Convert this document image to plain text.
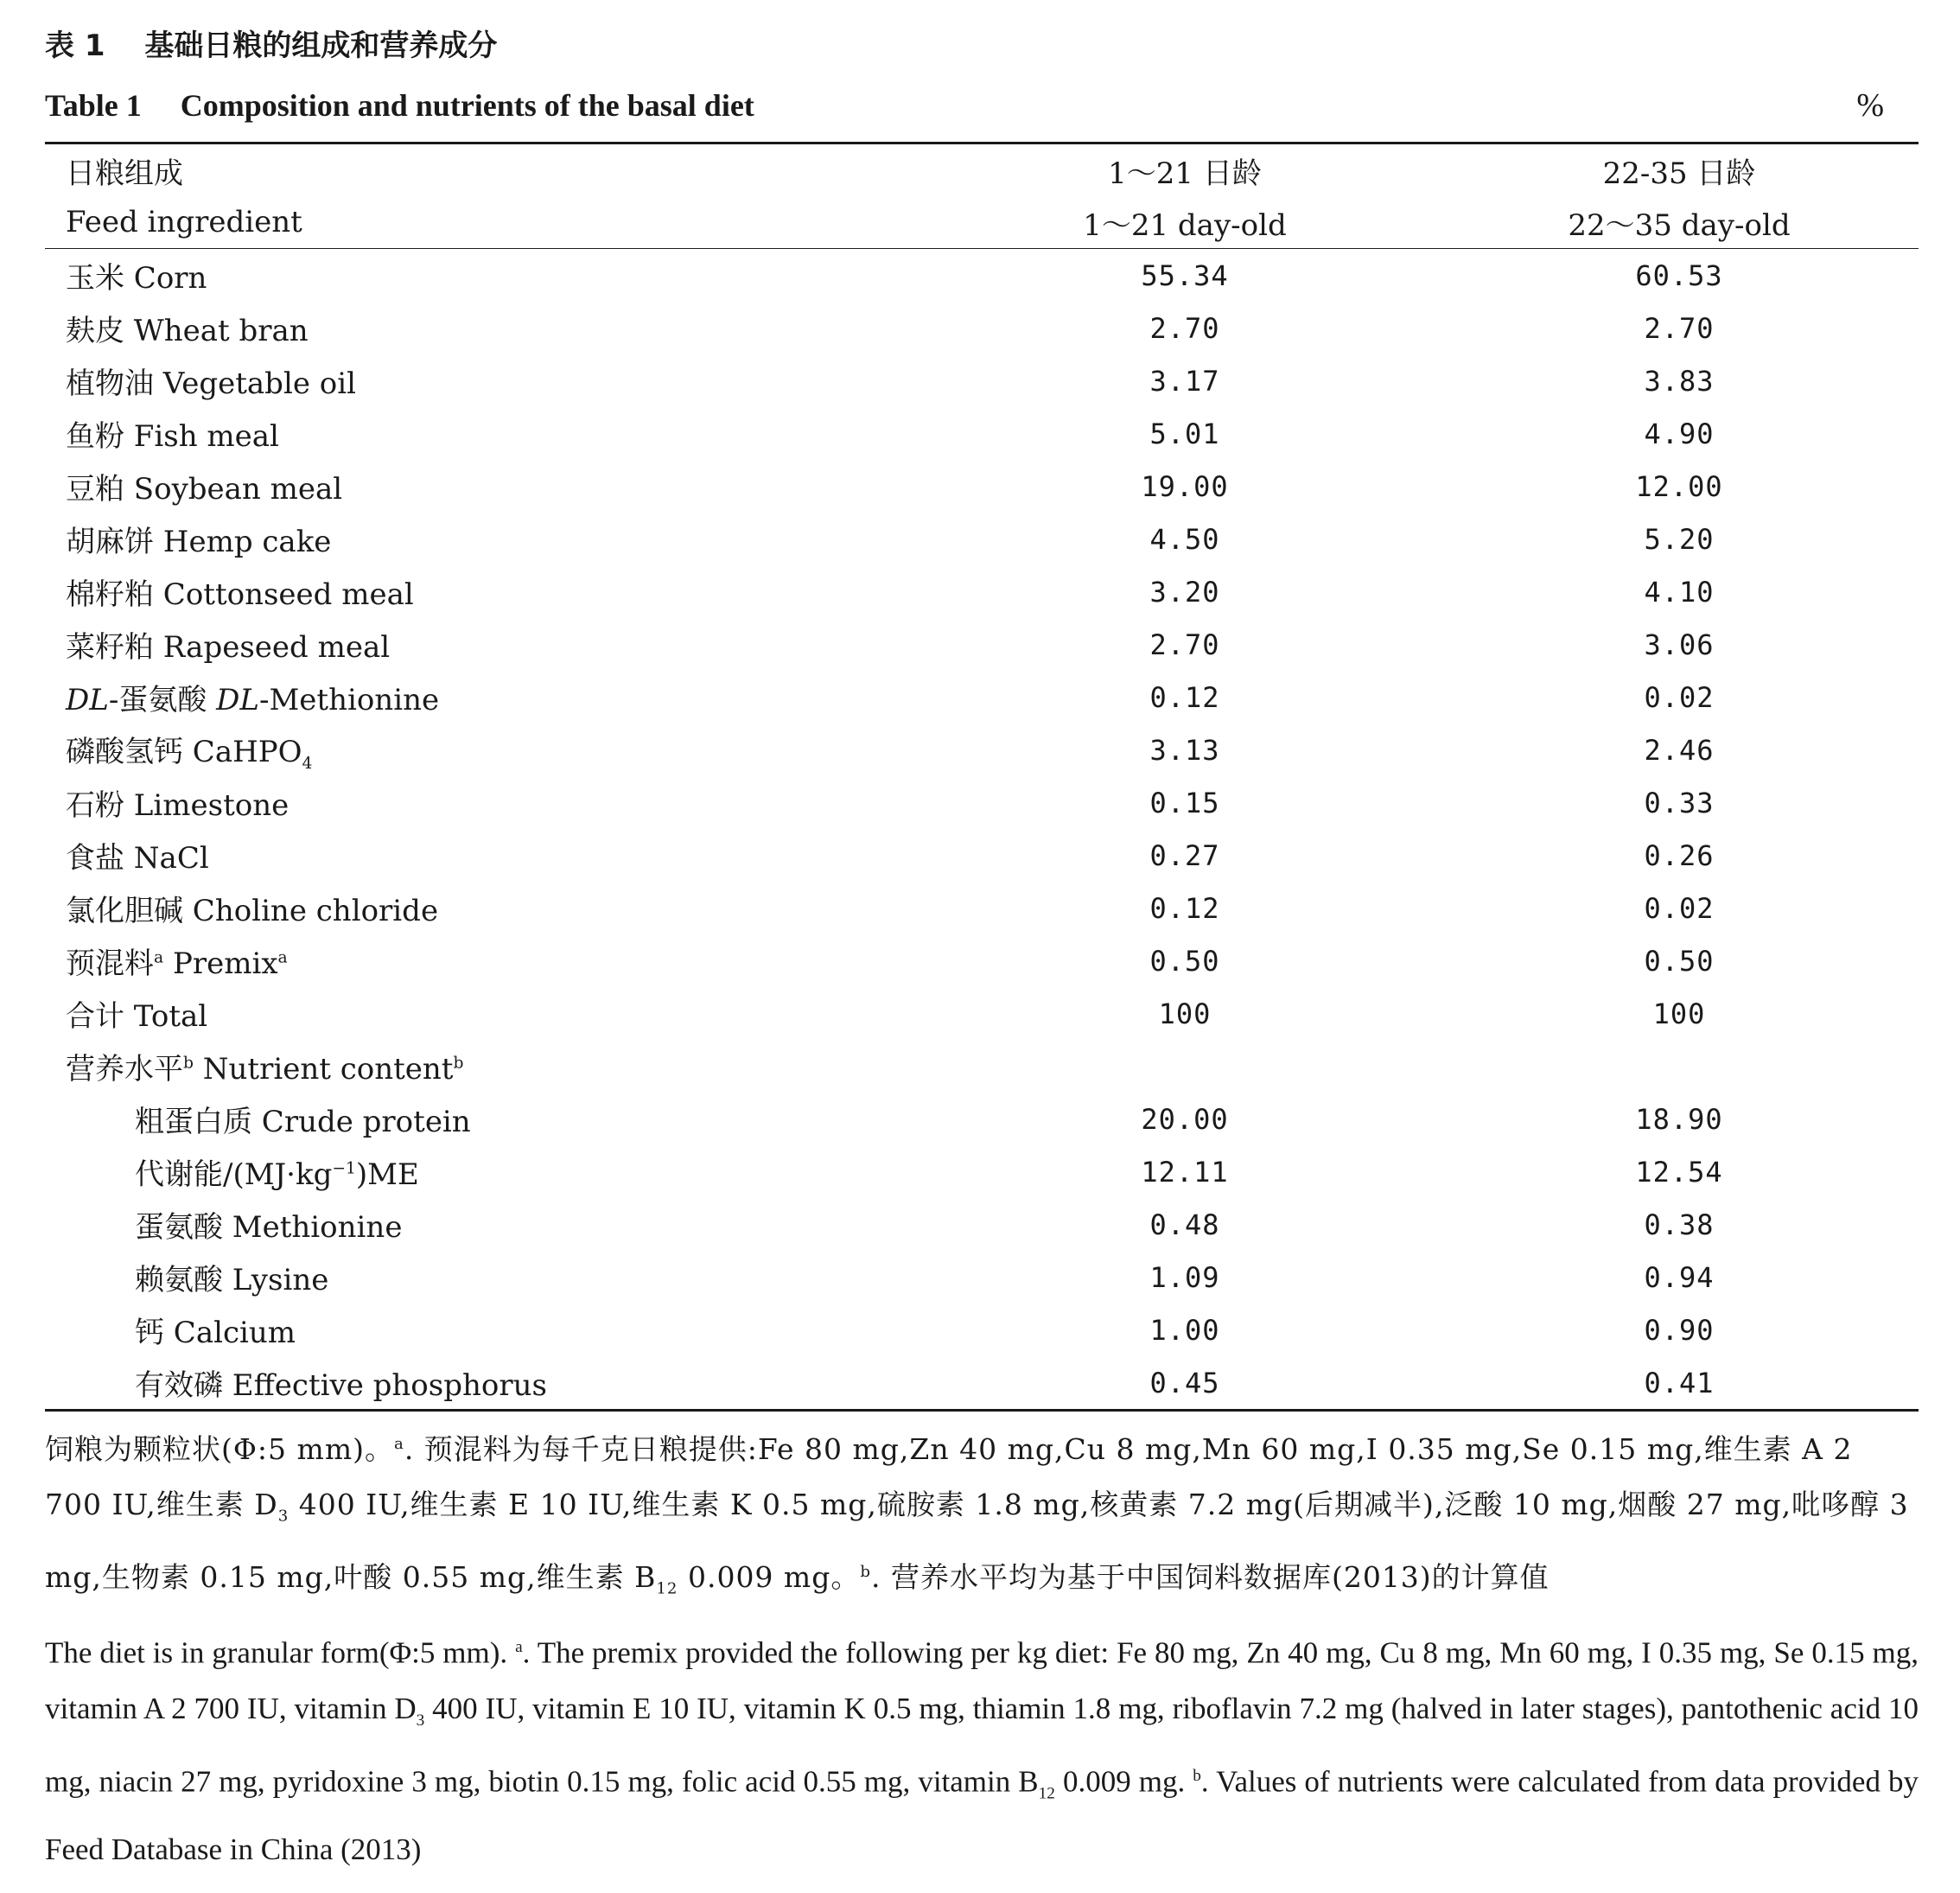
表 1 　基础日粮的组成和营养成分
Table 1 　Composition and nutrients of the basal diet	%
日粮组成	1～21 日龄	22-35 日龄
Feed ingredient	1～21 day-old	22～35 day-old
玉米 Corn	55.34	60.53
麸皮 Wheat bran	2.70	2.70
植物油 Vegetable oil	3.17	3.83
鱼粉 Fish meal	5.01	4.90
豆粕 Soybean meal	19.00	12.00
胡麻饼 Hemp cake	4.50	5.20
棉籽粕 Cottonseed meal	3.20	4.10
菜籽粕 Rapeseed meal	2.70	3.06
DL-蛋氨酸 DL-Methionine	0.12	0.02
磷酸氢钙 CaHPO$_4$	3.13	2.46
石粉 Limestone	0.15	0.33
食盐 NaCl	0.27	0.26
氯化胆碱 Choline chloride	0.12	0.02
预混料$^a$ Premix$^a$	0.50	0.50
合计 Total	100	100
营养水平$^b$ Nutrient content$^b$		
粗蛋白质 Crude protein	20.00	18.90
代谢能$/(MJ\cdot kg^{-1})ME$	12.11	12.54
蛋氨酸 Methionine	0.48	0.38
赖氨酸 Lysine	1.09	0.94
钙 Calcium	1.00	0.90
有效磷 Effective phosphorus	0.45	0.41
饲粮为颗粒状(Φ:5 mm)。$^a$. 预混料为每千克日粮提供:Fe 80 mg,Zn 40 mg,Cu 8 mg,Mn 60 mg,I 0.35 mg,Se 0.15 mg,维生素 A 2 700 IU,维生素 $D_3$ 400 IU,维生素 E 10 IU,维生素 K 0.5 mg,硫胺素 1.8 mg,核黄素 7.2 mg(后期减半),泛酸 10 mg,烟酸 27 mg,吡哆醇 3 mg,生物素 0.15 mg,叶酸 0.55 mg,维生素 $B_{12}$ 0.009 mg。$^b$. 营养水平均为基于中国饲料数据库(2013)的计算值
The diet is in granular form(Φ:5 mm). $^a$. The premix provided the following per kg diet: Fe 80 mg, Zn 40 mg, Cu 8 mg, Mn 60 mg, I 0.35 mg, Se 0.15 mg, vitamin A 2 700 IU, vitamin $D_3$ 400 IU, vitamin E 10 IU, vitamin K 0.5 mg, thiamin 1.8 mg, riboflavin 7.2 mg (halved in later stages), pantothenic acid 10 mg, niacin 27 mg, pyridoxine 3 mg, biotin 0.15 mg, folic acid 0.55 mg, vitamin $B_{12}$ 0.009 mg. $^b$. Values of nutrients were calculated from data provided by Feed Database in China (2013)
